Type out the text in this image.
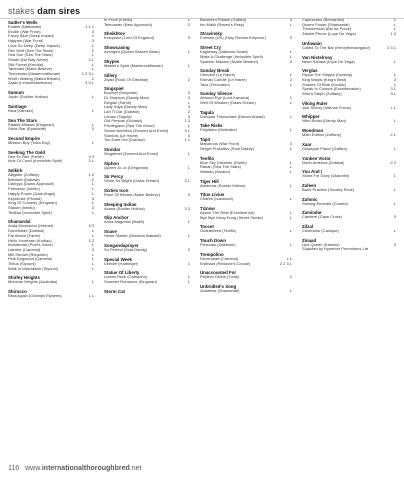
stakes dam sires
Sadler's Wells
Enable (Nathaniel)	1 1 1
Elodie (War Front)	3
Fancy Blue (Deep Impact)	1
Happen (War Front)	3
Love So Deep (Deep Impact)	1
Rex Wolf (Sea The Stars)	2
Sea Sun (Sea The Stars)	L
Shadn (No Nay Never)	2 L
Silk Forest (Kendia)	L
Tammani (Make Believe)	L
Technician (Mastercraftsman)	1 2 3 L
Worth Waiting (Bated Breath)	2
Zaaki (Leroidesanimaux)	3 3 L
Samum
Joplin (Soldier Hollow)	L
Santiago
Nica (Kamsin)	L
Sea The Stars
Raakib Alhawa (Kingman)	L
Stela Star (Epaulette)	3
Second Empire
Mission Boy (Yaco Boy)	L
Seeking The Gold
Dee Ex Bee (Farhh)	3 3
Inns Of Court (Invincible Spirit)	2 L
Selkirk
Alligator (Zoffany)	1 2
Bredsell (Dubawi)	2
Daniyya (Dawn Approach)	L
Felicanon (Intello)	L
Happy Power (Dark Angel)	L
Keystroke (Pivotal)	3
King Of Comedy (Kingman)	L
Stalom (Intello)	3
Tedfras (Invincible Spirit)	L
Shamardal
Anda Muchacho (Helmet)	3 3
Dunefower (Dubawi)	L
Far Above (Farhh)	L
Hello Youmzain (Kodiac)	1 2
Invitational (Poet's Voice)	L
Latrobe (Camelot)	3
Mill Stream (Requinto)	L
Pink Dogwood (Camelot)	L
Tiritus (Siyouni)	L
Walk In Marrakesh (Siyouni)	L
Shirley Heights
Mohican Heights (Australia)	L
Shirocco
Elisa Again (Champs Elysees)	L L
In Front (Intello)	L
Telecaster (New Approach)	2
Sheikhtov
Kronprinz (Lord Of England)	3
Showcasing
Avenged (Queen Brazen Beau)	L
Skypes
Master's Spirit (Mastercraftsman)	L
Sillery
Ziyad (Rock Of Gibraltar)	2
Singspiel
Boomer (Kingman)	3
Dr Simpson (Dandy Man)	3
Elegiac (Farhh)	L
Lady Kaya (Dandy Man)	3
Lah Ti Dar (Dubawi)	2
Limato (Tagula)	3
Old Persian (Dubawi)	1 2
Privilegiado (Sea The Moon)	L
Secret Ambition (Exceed And Excel)	3 L
Suedois (Le Havre)	3
Too Darn Hot (Dubawi)	1 1
Sinndar
Singstreet (Exceed And Excel)	L
Siphon
Queen Jo Jo (Gregorian)	L
Sir Percy
Shine So Bright (Oasis Dream)	2 L
Sixties Icon
Rose Of Kildare (Make Believe)	3
Sleeping Indian
Axana (Soldier Hollow)	3 3
Slip Anchor
Anna Magnolia (Makfi)	L
Soave
Heliot Skelter (Wootton Bassett)	L
Songandaprayer
So Perfect (Scat Daddy)	3
Special Week
Deirdre (Harbinger)	1
Statue Of Liberty
Lorelei Rock (Camacho)	L
Summer Romance (Kingman)	L
Storm Cat
Blenheim Palace (Galileo)	3
Ibn Malik (Raven's Pass)	L
Stravinsky
Fulmine (US) (Holy Roman Emperor)	3
Street Cry
Eagleway (Oakhara Swain)	L
Make A Challenge (Invincible Spirit)	L
Spanish Mission (Noble Mission)	3
Sunday Break
Oleridon (Le Havre)	L
Roman Candle (Le Havre)	2
Tacs (Teromarlo)	L
Sunday Silence
Almond Eye (Lord Kanaloa)	1
Well Of Wisdom (Oasis Dream)	L
Tagula
Dunquar Triumphant (Dream Ahead)	1
Take Risks
Palpitator (Motivator)	L
Tapit
Mandrons (War Front)	3
Sergei Prokofiev (Scat Daddy)	L
Teofilo
Blue Sky Dreamer (Farhh)	L
Rakan (Sea The Stars)	L
Wamaq (Arcano)	L
Tiger Hill
Amarena (Soldier Hollow)	L
Titus Livius
Chares (Ivanovod)	L
Tiznow
Above The Rest (Excellent Art)	L
Bye Bye Hong Kong (Street Sense)	L
Toccet
Guaranteed (Teofilo)	L
Touch Down
Pizzicato (Dabirsim)	L
Trempolino
Devendraft (Camelot)	L L
Erdlhaar (Redoute's Choice)	2 2 3 L
Unaccounted For
Rhythm Divine (Tonik)	2
Unbridled's Song
Aviatress (Shamardal)	L
Capezzano (Bernardini)	1
Queen Power (Shamardal)	L
Thunderman (Blu Air Force)	L
Zabeel Prince (Lope De Vega)	1 3
Unfuwain
Called To The Bar (Henrythenavigator)	2 3 L
Van Nistelrooy
Neon Sahara (Lope De Vega)	L
Verglas
Flippa The Strippa (Outstrip)	L
King Malpic (King's Best)	3
Shades Of Blue (Kodiac)	L
Speak In Colours (Excelebration)	3 L
Who's Steph (Zoffany)	3 L
Viking Ruler
Just Sherry (Intense Focus)	L L
Whipper
Nitro Boost (Dandy Man)	L
Woodman
Main Edition (Zoffany)	2 L
Xaar
Giuseppe Piazzi (Galileo)	L
Yankee Victor
North America (Dubawi)	2 2
You And I
Shine For Glory (Diakridin)	L
Zafeen
Band Practice (Society Rock)	L
Zafonic
Shining Emerald (Cloded)	L
Zamindar
Cantiere (Cape Cross)	3
Zilzal
Colomano (Cacique)	L
Zinaad
Lips Queen (Kamsin)	3
Supplied by Hyperion Promotions Ltd
116 www.internationalthoroughbred.net
